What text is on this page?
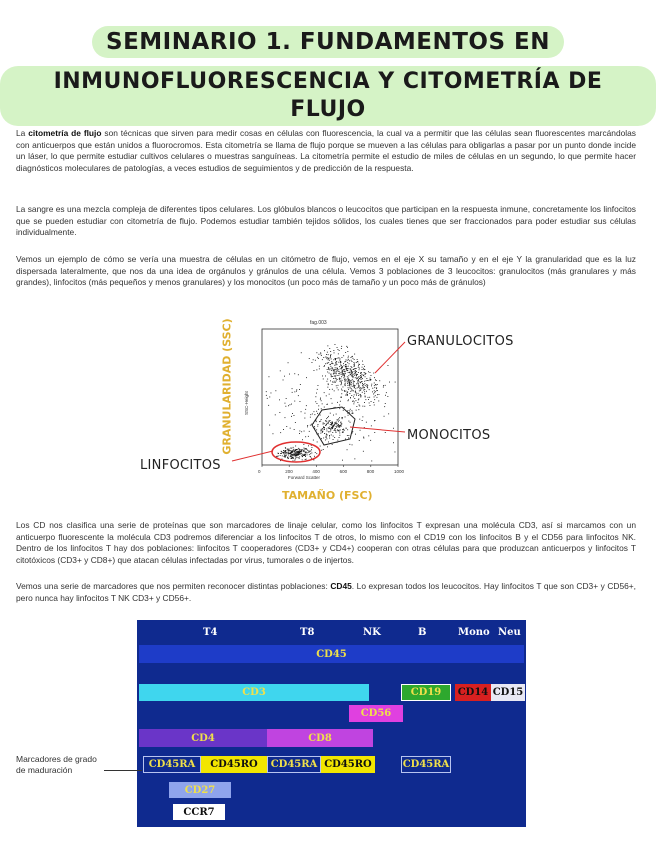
SEMINARIO 1. FUNDAMENTOS EN
INMUNOFLUORESCENCIA Y CITOMETRÍA DE FLUJO

La citometría de flujo son técnicas que sirven para medir cosas en células con fluorescencia, la cual va a permitir que las células sean fluorescentes marcándolas con anticuerpos que están unidos a fluorocromos. Esta citometría se llama de flujo porque se mueven a las células para obligarlas a pasar por un punto donde incide un láser, lo que permite estudiar cultivos celulares o muestras sanguíneas. La citometría permite el estudio de miles de células en un segundo, lo que permite hacer diagnósticos moleculares de patologías, a veces estudios de seguimientos y de predicción de la respuesta.

La sangre es una mezcla compleja de diferentes tipos celulares. Los glóbulos blancos o leucocitos que participan en la respuesta inmune, concretamente los linfocitos que se pueden estudiar con citometría de flujo. Podemos estudiar también tejidos sólidos, los cuales tienes que ser fraccionados para poder estudiar sus células individualmente.

Vemos un ejemplo de cómo se vería una muestra de células en un citómetro de flujo, vemos en el eje X su tamaño y en el eje Y la granularidad que es la luz dispersada lateralmente, que nos da una idea de orgánulos y gránulos de una célula. Vemos 3 poblaciones de 3 leucocitos: granulocitos (más granulares y más grandes), linfocitos (más pequeños y menos granulares) y los monocitos (un poco más de tamaño y un poco más de gránulos)

GRANULARIDAD (SSC)
TAMAÑO (FSC)
fag.003
R1
Forward Scatter
SSC-Height
0	200	400	600	800	1000
GRANULOCITOS
MONOCITOS
LINFOCITOS

Los CD nos clasifica una serie de proteínas que son marcadores de linaje celular, como los linfocitos T expresan una molécula CD3, así si marcamos con un anticuerpo fluorescente la molécula CD3 podremos diferenciar a los linfocitos T de otros, lo mismo con el CD19 con los linfocitos B y el CD56 para linfocitos NK. Dentro de los linfocitos T hay dos poblaciones: linfocitos T cooperadores (CD3+ y CD4+) cooperan con otras células para que produzcan anticuerpos y linfocitos T citotóxicos (CD3+ y CD8+) que atacan células infectadas por virus, tumorales o de injertos.

Vemos una serie de marcadores que nos permiten reconocer distintas poblaciones: CD45. Lo expresan todos los leucocitos. Hay linfocitos T que son CD3+ y CD56+, pero nunca hay linfocitos T NK CD3+ y CD56+.

T4	T8	NK	B	Mono Neu
CD45
CD3	CD19	CD14 CD15
CD56
CD4	CD8
CD45RA	CD45RO	CD45RA CD45RO	CD45RA
CD27
CCR7
Marcadores de grado
de maduración
